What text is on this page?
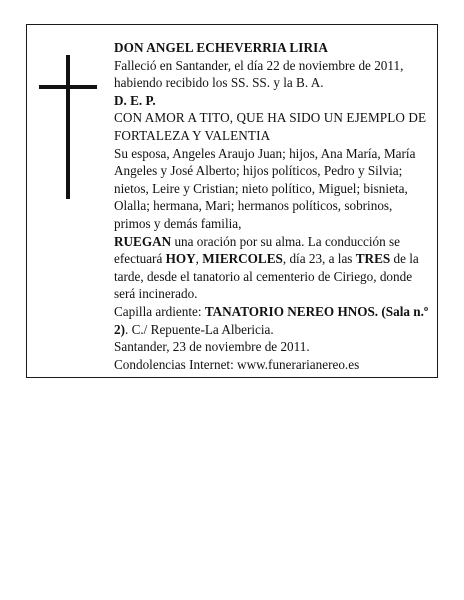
DON ANGEL ECHEVERRIA LIRIA

Falleció en Santander, el día 22 de noviembre de 2011, habiendo recibido los SS. SS. y la B. A.

D. E. P.

CON AMOR A TITO, QUE HA SIDO UN EJEMPLO DE FORTALEZA Y VALENTIA

Su esposa, Angeles Araujo Juan; hijos, Ana María, María Angeles y José Alberto; hijos políticos, Pedro y Silvia; nietos, Leire y Cristian; nieto político, Miguel; bisnieta, Olalla; hermana, Mari; hermanos políticos, sobrinos, primos y demás familia,

RUEGAN una oración por su alma. La conducción se efectuará HOY, MIERCOLES, día 23, a las TRES de la tarde, desde el tanatorio al cementerio de Ciriego, donde será incinerado.

Capilla ardiente: TANATORIO NEREO HNOS. (Sala n.º 2). C./ Repuente-La Albericia.

Santander, 23 de noviembre de 2011.

Condolencias Internet: www.funerarianereo.es
